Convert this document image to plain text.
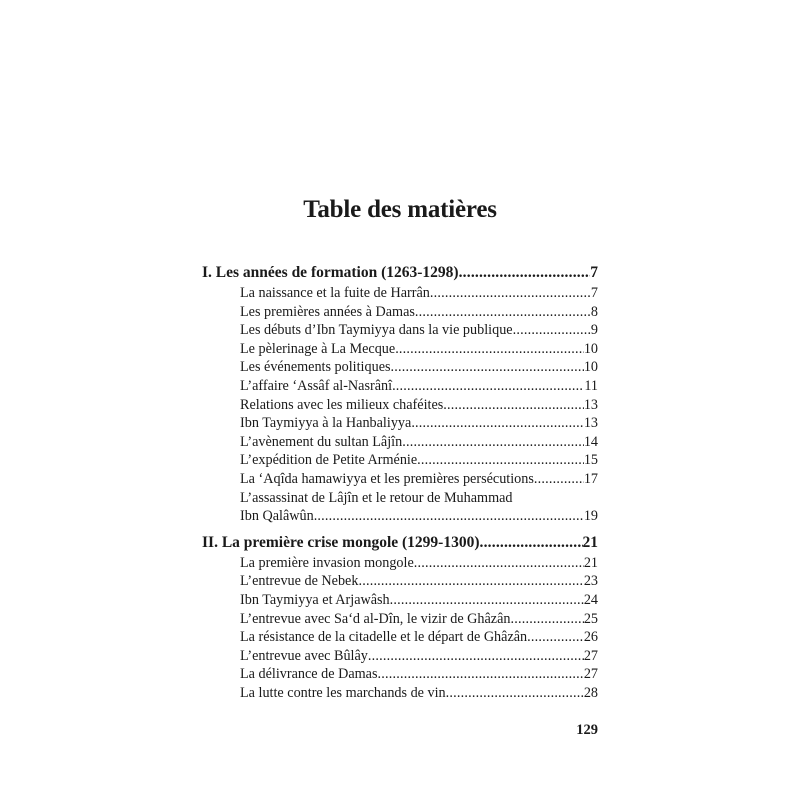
Table des matières
I. Les années de formation (1263-1298) .....	7
La naissance et la fuite de Harrân .....	7
Les premières années à Damas .....	8
Les débuts d’Ibn Taymiyya dans la vie publique .....	9
Le pèlerinage à La Mecque .....	10
Les événements politiques .....	10
L’affaire ‘Assâf al-Nasrânî .....	11
Relations avec les milieux chaféites .....	13
Ibn Taymiyya à la Hanbaliyya .....	13
L’avènement du sultan Lâjîn .....	14
L’expédition de Petite Arménie .....	15
La ‘Aqîda hamawiyya et les premières persécutions .....	17
L’assassinat de Lâjîn et le retour de Muhammad
Ibn Qalâwûn .....	19
II. La première crise mongole (1299-1300) .....	21
La première invasion mongole .....	21
L’entrevue de Nebek .....	23
Ibn Taymiyya et Arjawâsh .....	24
L’entrevue avec Sa‘d al-Dîn, le vizir de Ghâzân .....	25
La résistance de la citadelle et le départ de Ghâzân .....	26
L’entrevue avec Bûlây .....	27
La délivrance de Damas .....	27
La lutte contre les marchands de vin .....	28
129
